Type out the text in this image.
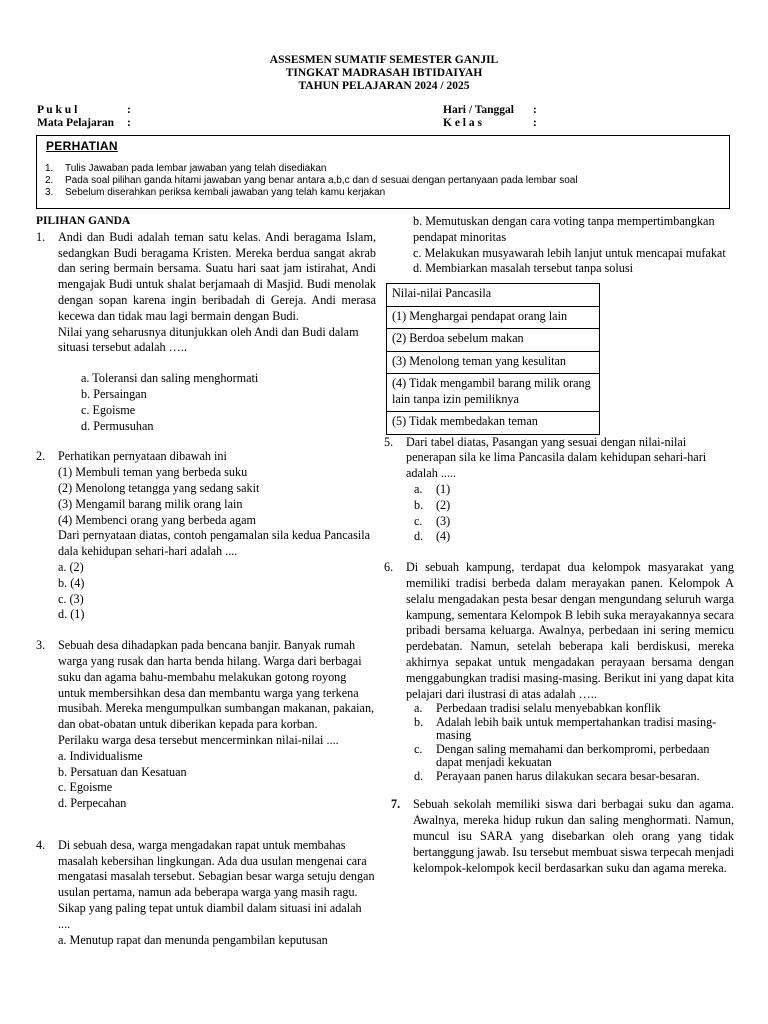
ASSESMEN SUMATIF SEMESTER GANJIL
TINGKAT MADRASAH IBTIDAIYAH
TAHUN PELAJARAN 2024 / 2025
P u k u l	:
Mata Pelajaran	:
Hari / Tanggal	:
K e l a s	:
PERHATIAN
1.	Tulis Jawaban pada lembar jawaban yang telah disediakan
2.	Pada soal pilihan ganda hitami jawaban yang benar antara a,b,c dan d sesuai dengan pertanyaan pada lembar soal
3.	Sebelum diserahkan periksa kembali jawaban yang telah kamu kerjakan
PILIHAN GANDA
1.	Andi dan Budi adalah teman satu kelas. Andi beragama Islam, sedangkan Budi beragama Kristen. Mereka berdua sangat akrab dan sering bermain bersama. Suatu hari saat jam istirahat, Andi mengajak Budi untuk shalat berjamaah di Masjid. Budi menolak dengan sopan karena ingin beribadah di Gereja. Andi merasa kecewa dan tidak mau lagi bermain dengan Budi.
Nilai yang seharusnya ditunjukkan oleh Andi dan Budi dalam situasi tersebut adalah …..
a. Toleransi dan saling menghormati
b. Persaingan
c. Egoisme
d. Permusuhan
2.	Perhatikan pernyataan dibawah ini
(1) Membuli teman yang berbeda suku
(2) Menolong tetangga yang sedang sakit
(3) Mengamil barang milik orang lain
(4) Membenci orang yang berbeda agam
Dari pernyataan diatas, contoh pengamalan sila kedua Pancasila dala kehidupan sehari-hari adalah ....
a. (2)
b. (4)
c. (3)
d. (1)
3.	Sebuah desa dihadapkan pada bencana banjir. Banyak rumah warga yang rusak dan harta benda hilang. Warga dari berbagai suku dan agama bahu-membahu melakukan gotong royong untuk membersihkan desa dan membantu warga yang terkena musibah. Mereka mengumpulkan sumbangan makanan, pakaian, dan obat-obatan untuk diberikan kepada para korban.
Perilaku warga desa tersebut mencerminkan nilai-nilai ....
a. Individualisme
b. Persatuan dan Kesatuan
c. Egoisme
d. Perpecahan
4.	Di sebuah desa, warga mengadakan rapat untuk membahas masalah kebersihan lingkungan. Ada dua usulan mengenai cara mengatasi masalah tersebut. Sebagian besar warga setuju dengan usulan pertama, namun ada beberapa warga yang masih ragu. Sikap yang paling tepat untuk diambil dalam situasi ini adalah ....
a. Menutup rapat dan menunda pengambilan keputusan
b. Memutuskan dengan cara voting tanpa mempertimbangkan pendapat minoritas
c. Melakukan musyawarah lebih lanjut untuk mencapai mufakat
d. Membiarkan masalah tersebut tanpa solusi
Nilai-nilai Pancasila
(1) Menghargai pendapat orang lain
(2) Berdoa sebelum makan
(3) Menolong teman yang kesulitan
(4) Tidak mengambil barang milik orang lain tanpa izin pemiliknya
(5) Tidak membedakan teman
5.	Dari tabel diatas, Pasangan yang sesuai dengan nilai-nilai penerapan sila ke lima Pancasila dalam kehidupan sehari-hari adalah .....
a.	(1)
b.	(2)
c.	(3)
d.	(4)
6.	Di sebuah kampung, terdapat dua kelompok masyarakat yang memiliki tradisi berbeda dalam merayakan panen. Kelompok A selalu mengadakan pesta besar dengan mengundang seluruh warga kampung, sementara Kelompok B lebih suka merayakannya secara pribadi bersama keluarga. Awalnya, perbedaan ini sering memicu perdebatan. Namun, setelah beberapa kali berdiskusi, mereka akhirnya sepakat untuk mengadakan perayaan bersama dengan menggabungkan tradisi masing-masing. Berikut ini yang dapat kita pelajari dari ilustrasi di atas adalah …..
a.	Perbedaan tradisi selalu menyebabkan konflik
b.	Adalah lebih baik untuk mempertahankan tradisi masing-masing
c.	Dengan saling memahami dan berkompromi, perbedaan dapat menjadi kekuatan
d.	Perayaan panen harus dilakukan secara besar-besaran.
7.	Sebuah sekolah memiliki siswa dari berbagai suku dan agama. Awalnya, mereka hidup rukun dan saling menghormati. Namun, muncul isu SARA yang disebarkan oleh orang yang tidak bertanggung jawab. Isu tersebut membuat siswa terpecah menjadi kelompok-kelompok kecil berdasarkan suku dan agama mereka.
